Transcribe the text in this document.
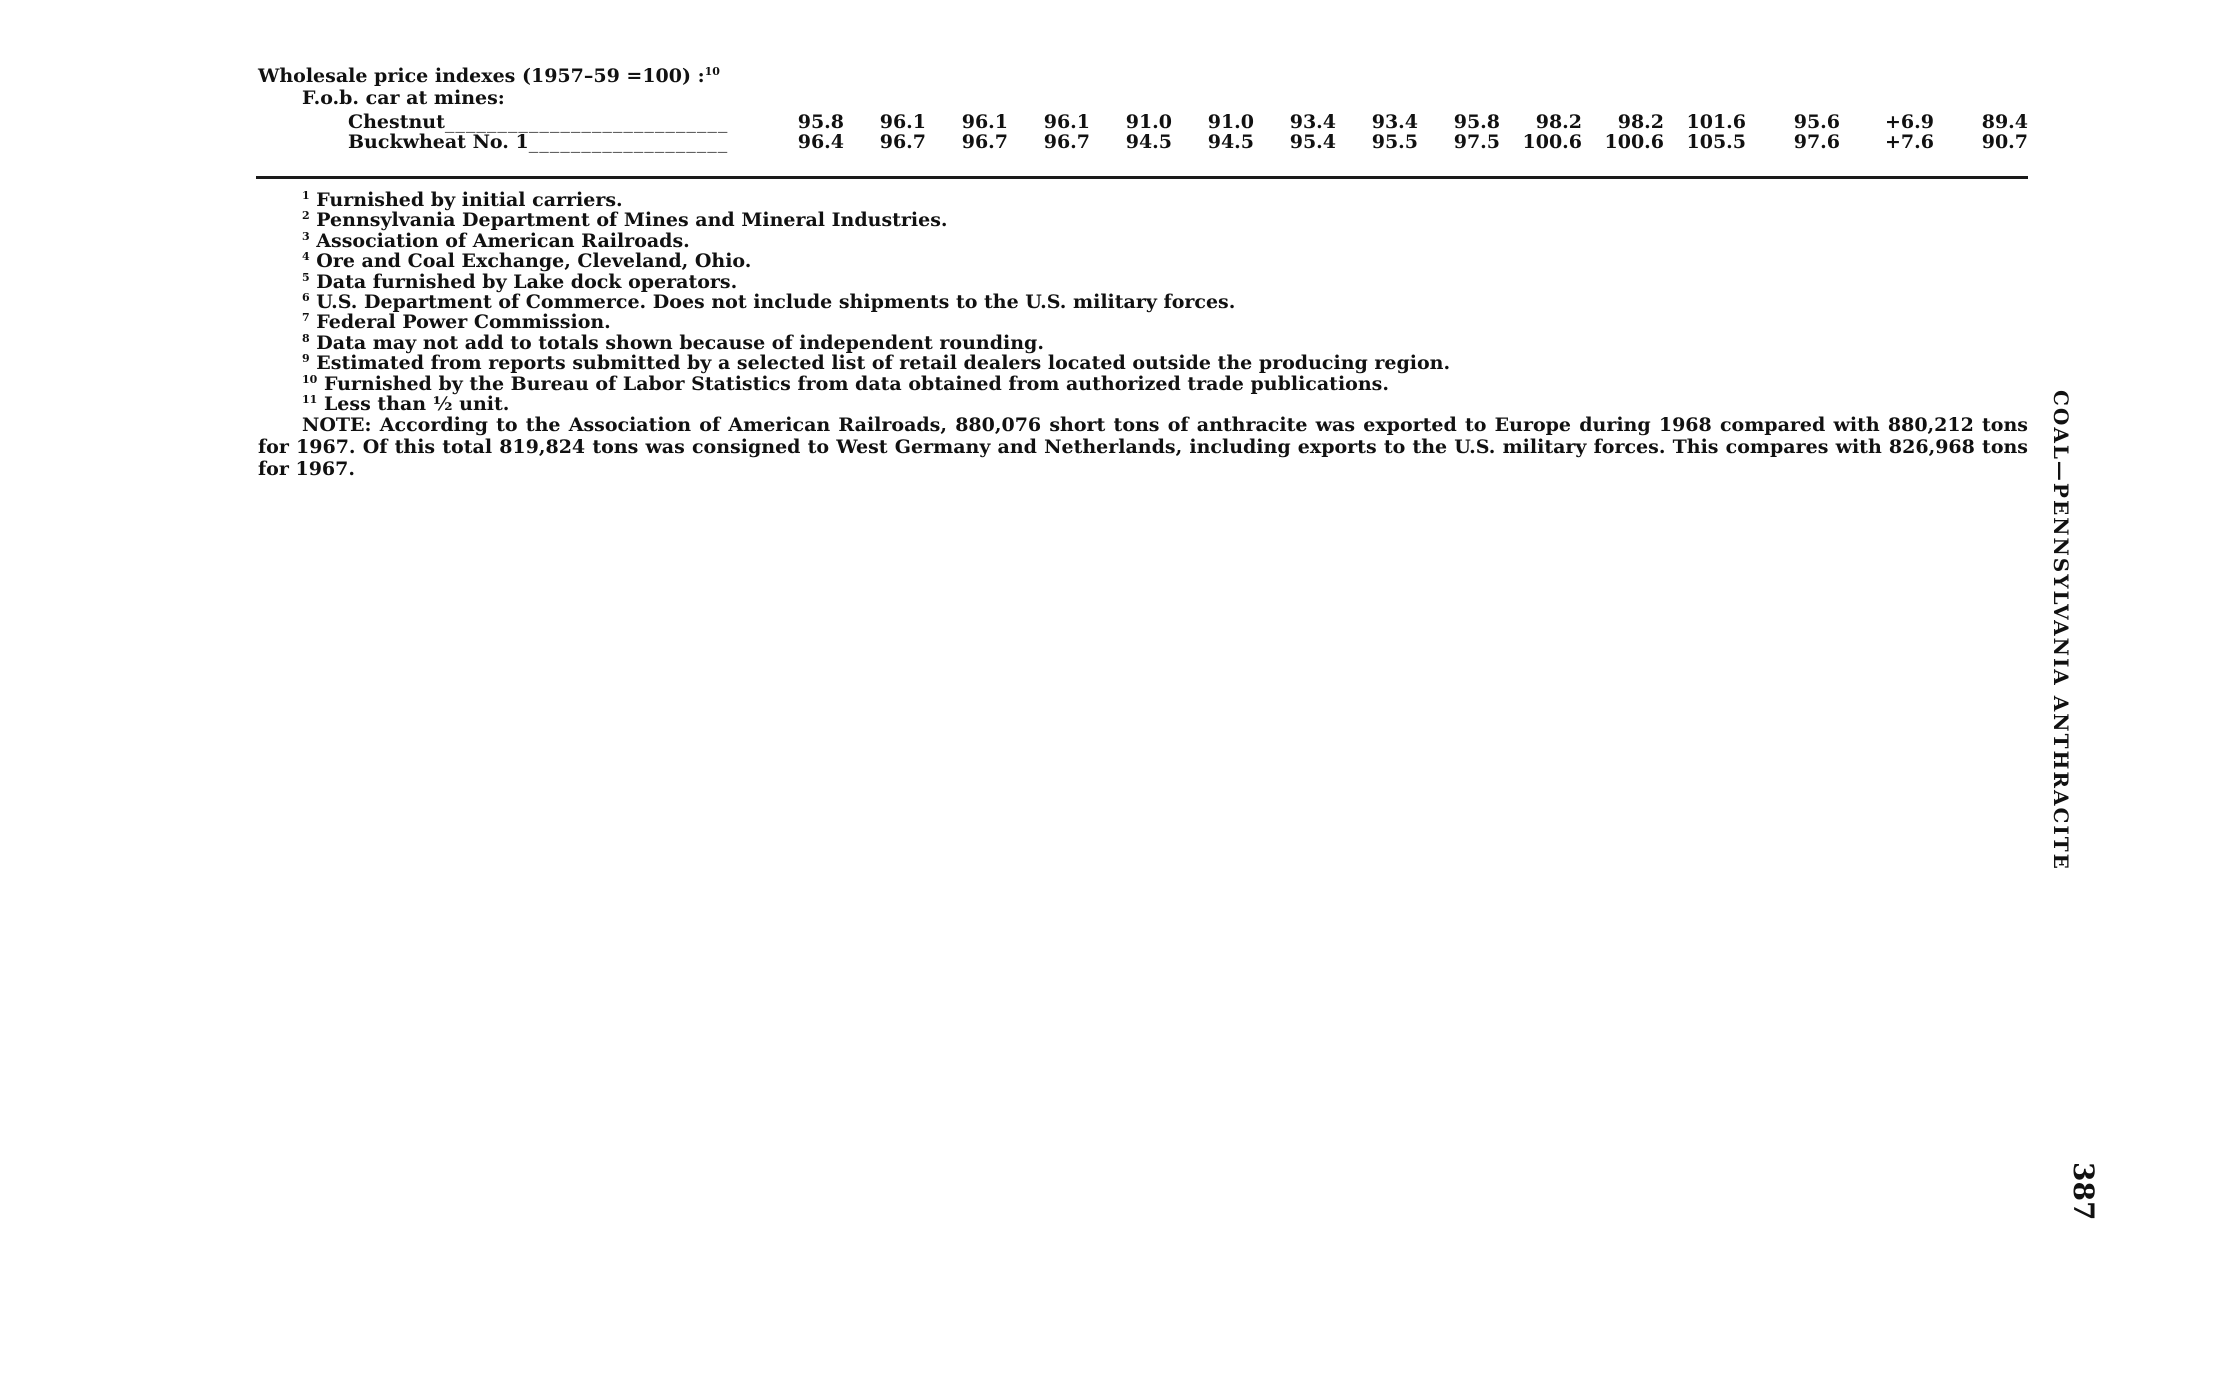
Wholesale price indexes (1957–59 =100) :$^{10}$
F.o.b. car at mines:
Chestnut___________________________	95.8	96.1	96.1	96.1	91.0	91.0	93.4	93.4	95.8	98.2	98.2	101.6	95.6	+6.9	89.4
Buckwheat No. 1___________________	96.4	96.7	96.7	96.7	94.5	94.5	95.4	95.5	97.5	100.6	100.6	105.5	97.6	+7.6	90.7
$^1$ Furnished by initial carriers.
$^2$ Pennsylvania Department of Mines and Mineral Industries.
$^3$ Association of American Railroads.
$^4$ Ore and Coal Exchange, Cleveland, Ohio.
$^5$ Data furnished by Lake dock operators.
$^6$ U.S. Department of Commerce. Does not include shipments to the U.S. military forces.
$^7$ Federal Power Commission.
$^8$ Data may not add to totals shown because of independent rounding.
$^9$ Estimated from reports submitted by a selected list of retail dealers located outside the producing region.
$^{10}$ Furnished by the Bureau of Labor Statistics from data obtained from authorized trade publications.
$^{11}$ Less than ½ unit.
NOTE: According to the Association of American Railroads, 880,076 short tons of anthracite was exported to Europe during 1968 compared with 880,212 tons for 1967. Of this total 819,824 tons was consigned to West Germany and Netherlands, including exports to the U.S. military forces. This compares with 826,968 tons for 1967.	COAL—PENNSYLVANIA ANTHRACITE
387
